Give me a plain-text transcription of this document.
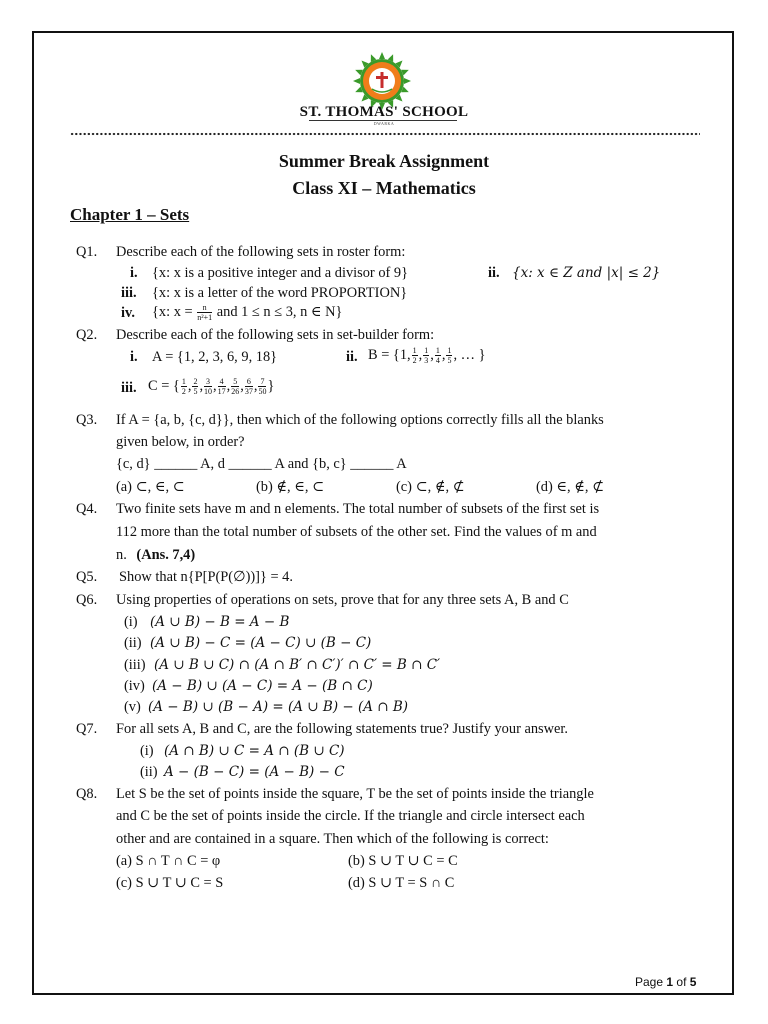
ST. THOMAS' SCHOOL
DWARKA
Summer Break Assignment
Class XI – Mathematics
Chapter 1 – Sets
Q1. Describe each of the following sets in roster form:
i. {x: x is a positive integer and a divisor of 9}	ii. {x: x ∈ Z and |x| ≤ 2}
iii. {x: x is a letter of the word PROPORTION}
iv. {x: $x = \frac{n}{\text{n²+1}}$ and 1 ≤ n ≤ 3, n ∈ N}
Q2. Describe each of the following sets in set-builder form:
i. A = {1, 2, 3, 6, 9, 18}	ii. B = {1, $\frac{1}{2}$ , $\frac{1}{3}$ , $\frac{1}{4}$ , $\frac{1}{5}$ , … }
iii. C = { $\frac{1}{2}$ , $\frac{2}{5}$ , $\frac{3}{10}$ , $\frac{4}{17}$ , $\frac{5}{26}$ , $\frac{6}{37}$ , $\frac{7}{50}$ }
Q3. If A = {a, b, {c, d}}, then which of the following options correctly fills all the blanks
given below, in order?
{c, d} ______ A, d ______ A and {b, c} ______ A
(a) ⊂, ∈, ⊂	(b) ∉, ∈, ⊂	(c) ⊂, ∉, ⊄	(d) ∈, ∉, ⊄
Q4. Two finite sets have m and n elements. The total number of subsets of the first set is
112 more than the total number of subsets of the other set. Find the values of m and
n. (Ans. 7,4)
Q5. Show that n{P[P(P(∅))]} = 4.
Q6. Using properties of operations on sets, prove that for any three sets A, B and C
(i) (A ∪ B) − B = A − B
(ii) (A ∪ B) − C = (A − C) ∪ (B − C)
(iii) (A ∪ B ∪ C) ∩ (A ∩ B′ ∩ C′)′ ∩ C′ = B ∩ C′
(iv) (A − B) ∪ (A − C) = A − (B ∩ C)
(v) (A − B) ∪ (B − A) = (A ∪ B) − (A ∩ B)
Q7. For all sets A, B and C, are the following statements true? Justify your answer.
(i) (A ∩ B) ∪ C = A ∩ (B ∪ C)
(ii) A − (B − C) = (A − B) − C
Q8. Let S be the set of points inside the square, T be the set of points inside the triangle
and C be the set of points inside the circle. If the triangle and circle intersect each
other and are contained in a square. Then which of the following is correct:
(a) S ∩ T ∩ C = φ	(b) S ∪ T ∪ C = C
(c) S ∪ T ∪ C = S	(d) S ∪ T = S ∩ C
Page 1 of 5
